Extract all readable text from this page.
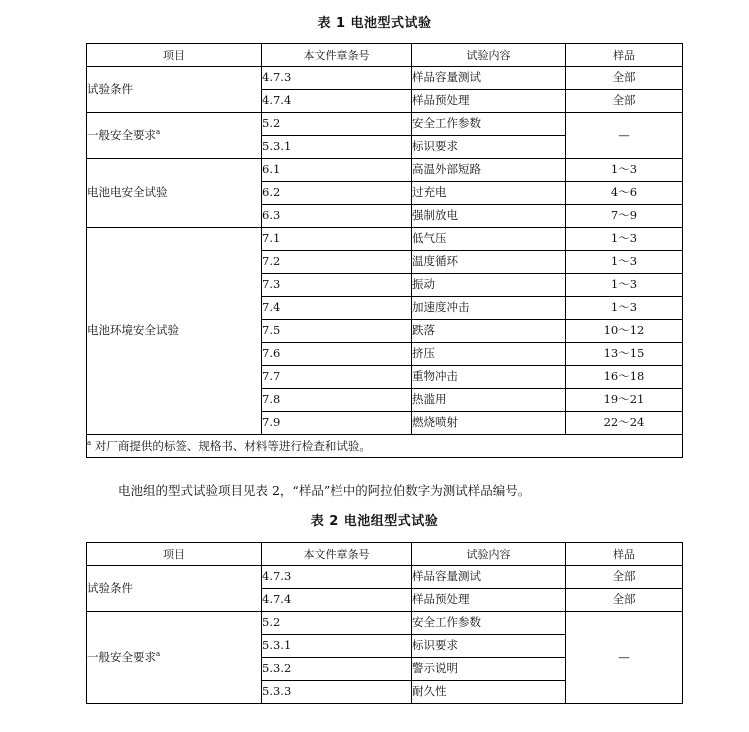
表 1 电池型式试验
项目	本文件章条号	试验内容	样品
试验条件	4.7.3	样品容量测试	全部
	4.7.4	样品预处理	全部
一般安全要求$^a$	5.2	安全工作参数	—
	5.3.1	标识要求	
电池电安全试验	6.1	高温外部短路	1～3
	6.2	过充电	4～6
	6.3	强制放电	7～9
电池环境安全试验	7.1	低气压	1～3
	7.2	温度循环	1～3
	7.3	振动	1～3
	7.4	加速度冲击	1～3
	7.5	跌落	10～12
	7.6	挤压	13～15
	7.7	重物冲击	16～18
	7.8	热滥用	19～21
	7.9	燃烧喷射	22～24
$^a$ 对厂商提供的标签、规格书、材料等进行检查和试验。			
电池组的型式试验项目见表 2，“样品”栏中的阿拉伯数字为测试样品编号。
表 2 电池组型式试验
项目	本文件章条号	试验内容	样品
试验条件	4.7.3	样品容量测试	全部
	4.7.4	样品预处理	全部
一般安全要求$^a$	5.2	安全工作参数	—
	5.3.1	标识要求	
	5.3.2	警示说明	
	5.3.3	耐久性	
